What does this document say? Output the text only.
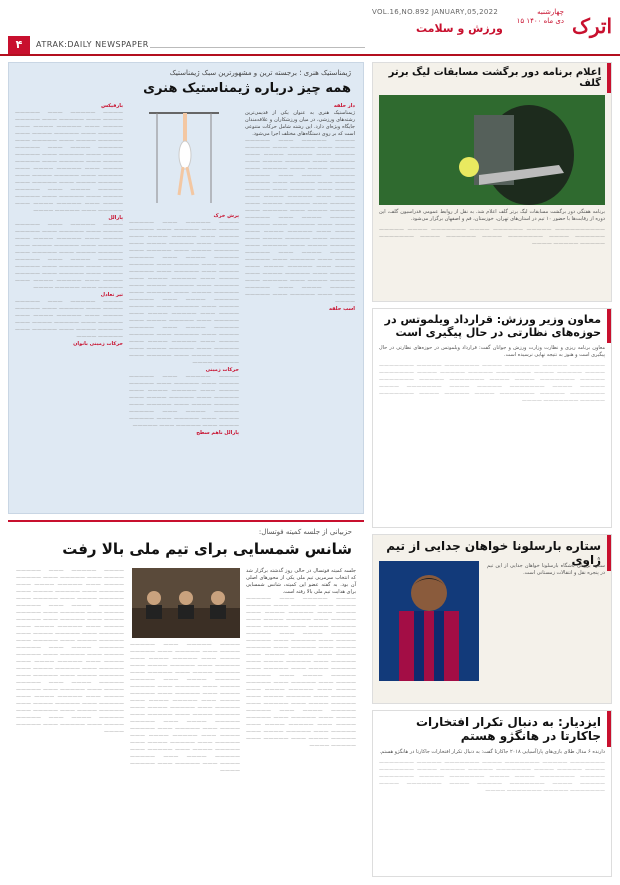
اترک
چهارشنبه
۱۵ دی ماه ۱۴۰۰
VOL.16,NO.892 JANUARY,05,2022
ورزش و سلامت
۴	ATRAK:DAILY NEWSPAPER
اعلام برنامه دور برگشت مسابقات لیگ برتر گلف
برنامه هفتگی دور برگشت مسابقات لیگ برتر گلف اعلام شد. به نقل از روابط عمومی فدراسیون گلف، این دوره از رقابت‌ها با حضور ۱۰ تیم در استان‌های تهران، خوزستان، قم و اصفهان برگزار می‌شود.
—————————— ————— —————— ———— ——————— ———— ————— —————— ———— ——————— ———— —————— ———— ——————— ————— ————— ————
معاون وزیر ورزش: قرارداد ویلموتس در حوزه‌های نظارتی در حال پیگیری است
معاون برنامه ریزی و نظارت وزارت ورزش و جوانان گفت: قرارداد ویلموتس در حوزه‌های نظارتی در حال پیگیری است و هنوز به نتیجه نهایی نرسیده است.
——————— ————— ——————— ———— ——————— ————— ——————— ———— ————— ———— ——————— ————— ————— ———— ——————— ————— ——————— ———— ———— ——————— ————— ——————— ————— ———— ——————— ————— ———— ——————— ———— ——————— ————— ——————— ———— ————— ———— ——————— ————— ——————— ————
ستاره بارسلونا خواهان جدایی از تیم ژاوی
ستاره برزیلی باشگاه بارسلونا خواهان جدایی از این تیم در پنجره نقل و انتقالات زمستانی است.
ایزدیار: به دنبال تکرار افتخارات جاکارتا در هانگژو هستم
دارنده ۶ مدال طلای بازی‌های پاراآسیایی ۲۰۱۸ جاکارتا گفت: به دنبال تکرار افتخارات جاکارتا در هانگژو هستم.
——————— ————— ——————— ———— ——————— ————— ——————— ———— ————— ———— ——————— ————— ————— ———— ——————— ————— ——————— ———— ———— ——————— ————— ——————— ————— ———— ——————— ————— ———— ——————— ———— ——————— ————— ——————— ————
ژیمناستیک هنری ؛ برجسته ترین و مشهورترین سبک ژیمناستیک
همه چیز درباره ژیمناستیک هنری
دار حلقه
ژیمناستیک هنری به عنوان یکی از قدیمی‌ترین رشته‌های ورزشی، در میان ورزشکاران و علاقه‌مندان جایگاه ویژه‌ای دارد. این رشته شامل حرکات متنوعی است که بر روی دستگاه‌های مختلف اجرا می‌شود.
———— ————— ——— ————— ———— ——— ————— ——— ————— ———— ——— ————— ———— ——— ————— ——— ————— ———— ——— ————— ———— ——— ————— ——— ————— ———— ——— ————— ———— ——— ————— ——— ————— ———— ——— ————— ——— ————— ———— ——— ————— ———— ——— ————— ——— ————— ———— ——— ————— ———— ——— ————— ——— ————— ———— ——— ————— ———— ——— ————— ——— ————— ———— ——— ————— ———— ——— ————— ——— ————— ———— ——— ————— ———— ——— ————— ——— ————— ———— ——— ————— ———— ——— ————— ——— ————— ———— ——— ————— ———— ——— ————— ——— ————— ———— ——— ————— ———— ——— ————— ——— ————— ———— ——— ————— ———— ——— ————— ——— ————— ————
اسب حلقه
پرش خرک
———— ————— ——— ————— ———— ——— ————— ——— ————— ———— ——— ————— ———— ——— ————— ——— ————— ———— ——— ————— ———— ——— ————— ——— ————— ———— ——— ————— ———— ——— ————— ——— ————— ———— ——— ————— ——— ————— ———— ——— ————— ———— ——— ————— ——— ————— ———— ——— ————— ———— ——— ————— ——— ————— ———— ——— ————— ———— ——— ————— ——— ————— ———— ——— ————— ———— ——— ————— ——— ————— ———— ——— ————— ———— ——— ————— ———— ——— ————— ——— ————— ———— ——— ————— ———— ——— ————— ——— ————— ———— ——— ————— ———— ——— ————— ——— ————— ————
حرکات زمینی
———— ————— ——— ————— ———— ——— ————— ——— ————— ———— ——— ————— ———— ——— ————— ——— ————— ———— ——— ————— ———— ——— ————— ——— ————— ———— ——— ————— ———— ——— ————— ——— ————— ———— ——— ————— ——— —————
پارالل ناهم سطح
بارفیکس
———— ————— ——— ————— ———— ——— ————— ——— ————— ———— ——— ————— ———— ——— ————— ——— ————— ———— ——— ————— ———— ——— ————— ——— ————— ———— ——— ————— ———— ——— ————— ——— ————— ———— ——— ————— ——— ————— ———— ——— ————— ———— ——— ————— ——— ————— ———— ——— ————— ———— ——— ————— ——— ————— ———— ——— ————— ———— ——— ————— ——— ————— ———— ——— ————— ———— ——— ————— ——— ————— ————
پارالل
———— ————— ——— ————— ———— ——— ————— ——— ————— ———— ——— ————— ———— ——— ————— ——— ————— ———— ——— ————— ———— ——— ————— ——— ————— ———— ——— ————— ———— ——— ————— ——— ————— ———— ——— ————— ——— ————— ———— ——— ————— ———— ——— ————— ——— ————— ————
تیر تعادل
———— ————— ——— ————— ———— ——— ————— ——— ————— ———— ——— ————— ———— ——— ————— ——— ————— ———— ——— ————— ———— ——— ————— ——— ————— ————
حرکات زمینی بانوان
حزبیانی از جلسه کمیته فوتسال:
شانس شمسایی برای تیم ملی بالا رفت
جلسه کمیته فوتسال در حالی روز گذشته برگزار شد که انتخاب سرمربی تیم ملی یکی از محورهای اصلی آن بود. به گفته عضو این کمیته، شانس شمسایی برای هدایت تیم ملی بالا رفته است.
———— ————— ——— ————— ———— ——— ————— ——— ————— ———— ——— ————— ———— ——— ————— ——— ————— ———— ——— ————— ———— ——— ————— ——— ————— ———— ——— ————— ———— ——— ————— ——— ————— ———— ——— ————— ——— ————— ———— ——— ————— ———— ——— ————— ——— ————— ———— ——— ————— ———— ——— ————— ——— ————— ———— ——— ————— ———— ——— ————— ——— ————— ———— ——— ————— ———— ——— ————— ——— ————— ———— ——— ————— ———— ——— ————— ——— ————— ———— ——— ————— ———— ——— ————— ——— ————— ———— ——— ————— ———— ——— ————— ——— ————— ———— ——— ————— ———— ——— ————— ——— ————— ————
———— ————— ——— ————— ———— ——— ————— ——— ————— ———— ——— ————— ———— ——— ————— ——— ————— ———— ——— ————— ———— ——— ————— ——— ————— ———— ——— ————— ———— ——— ————— ——— ————— ———— ——— ————— ——— ————— ———— ——— ————— ———— ——— ————— ——— ————— ———— ——— ————— ———— ——— ————— ——— ————— ———— ——— ————— ———— ——— ————— ——— ————— ———— ——— ————— ———— ——— ————— ——— ————— ———— ——— ————— ———— ——— ————— ——— ————— ———— ——— ————— ———— ——— ————— ——— ————— ————
———— ————— ——— ————— ———— ——— ————— ——— ————— ———— ——— ————— ———— ——— ————— ——— ————— ———— ——— ————— ———— ——— ————— ——— ————— ———— ——— ————— ———— ——— ————— ——— ————— ———— ——— ————— ——— ————— ———— ——— ————— ———— ——— ————— ——— ————— ———— ——— ————— ———— ——— ————— ——— ————— ———— ——— ————— ———— ——— ————— ——— ————— ———— ——— ————— ———— ——— ————— ——— ————— ———— ——— ————— ———— ——— ————— ——— ————— ———— ——— ————— ———— ——— ————— ——— ————— ———— ——— ————— ———— ——— ————— ——— ————— ———— ——— ————— ———— ——— ————— ——— ————— ———— ——— ————— ———— ——— ————— ——— ————— ————
